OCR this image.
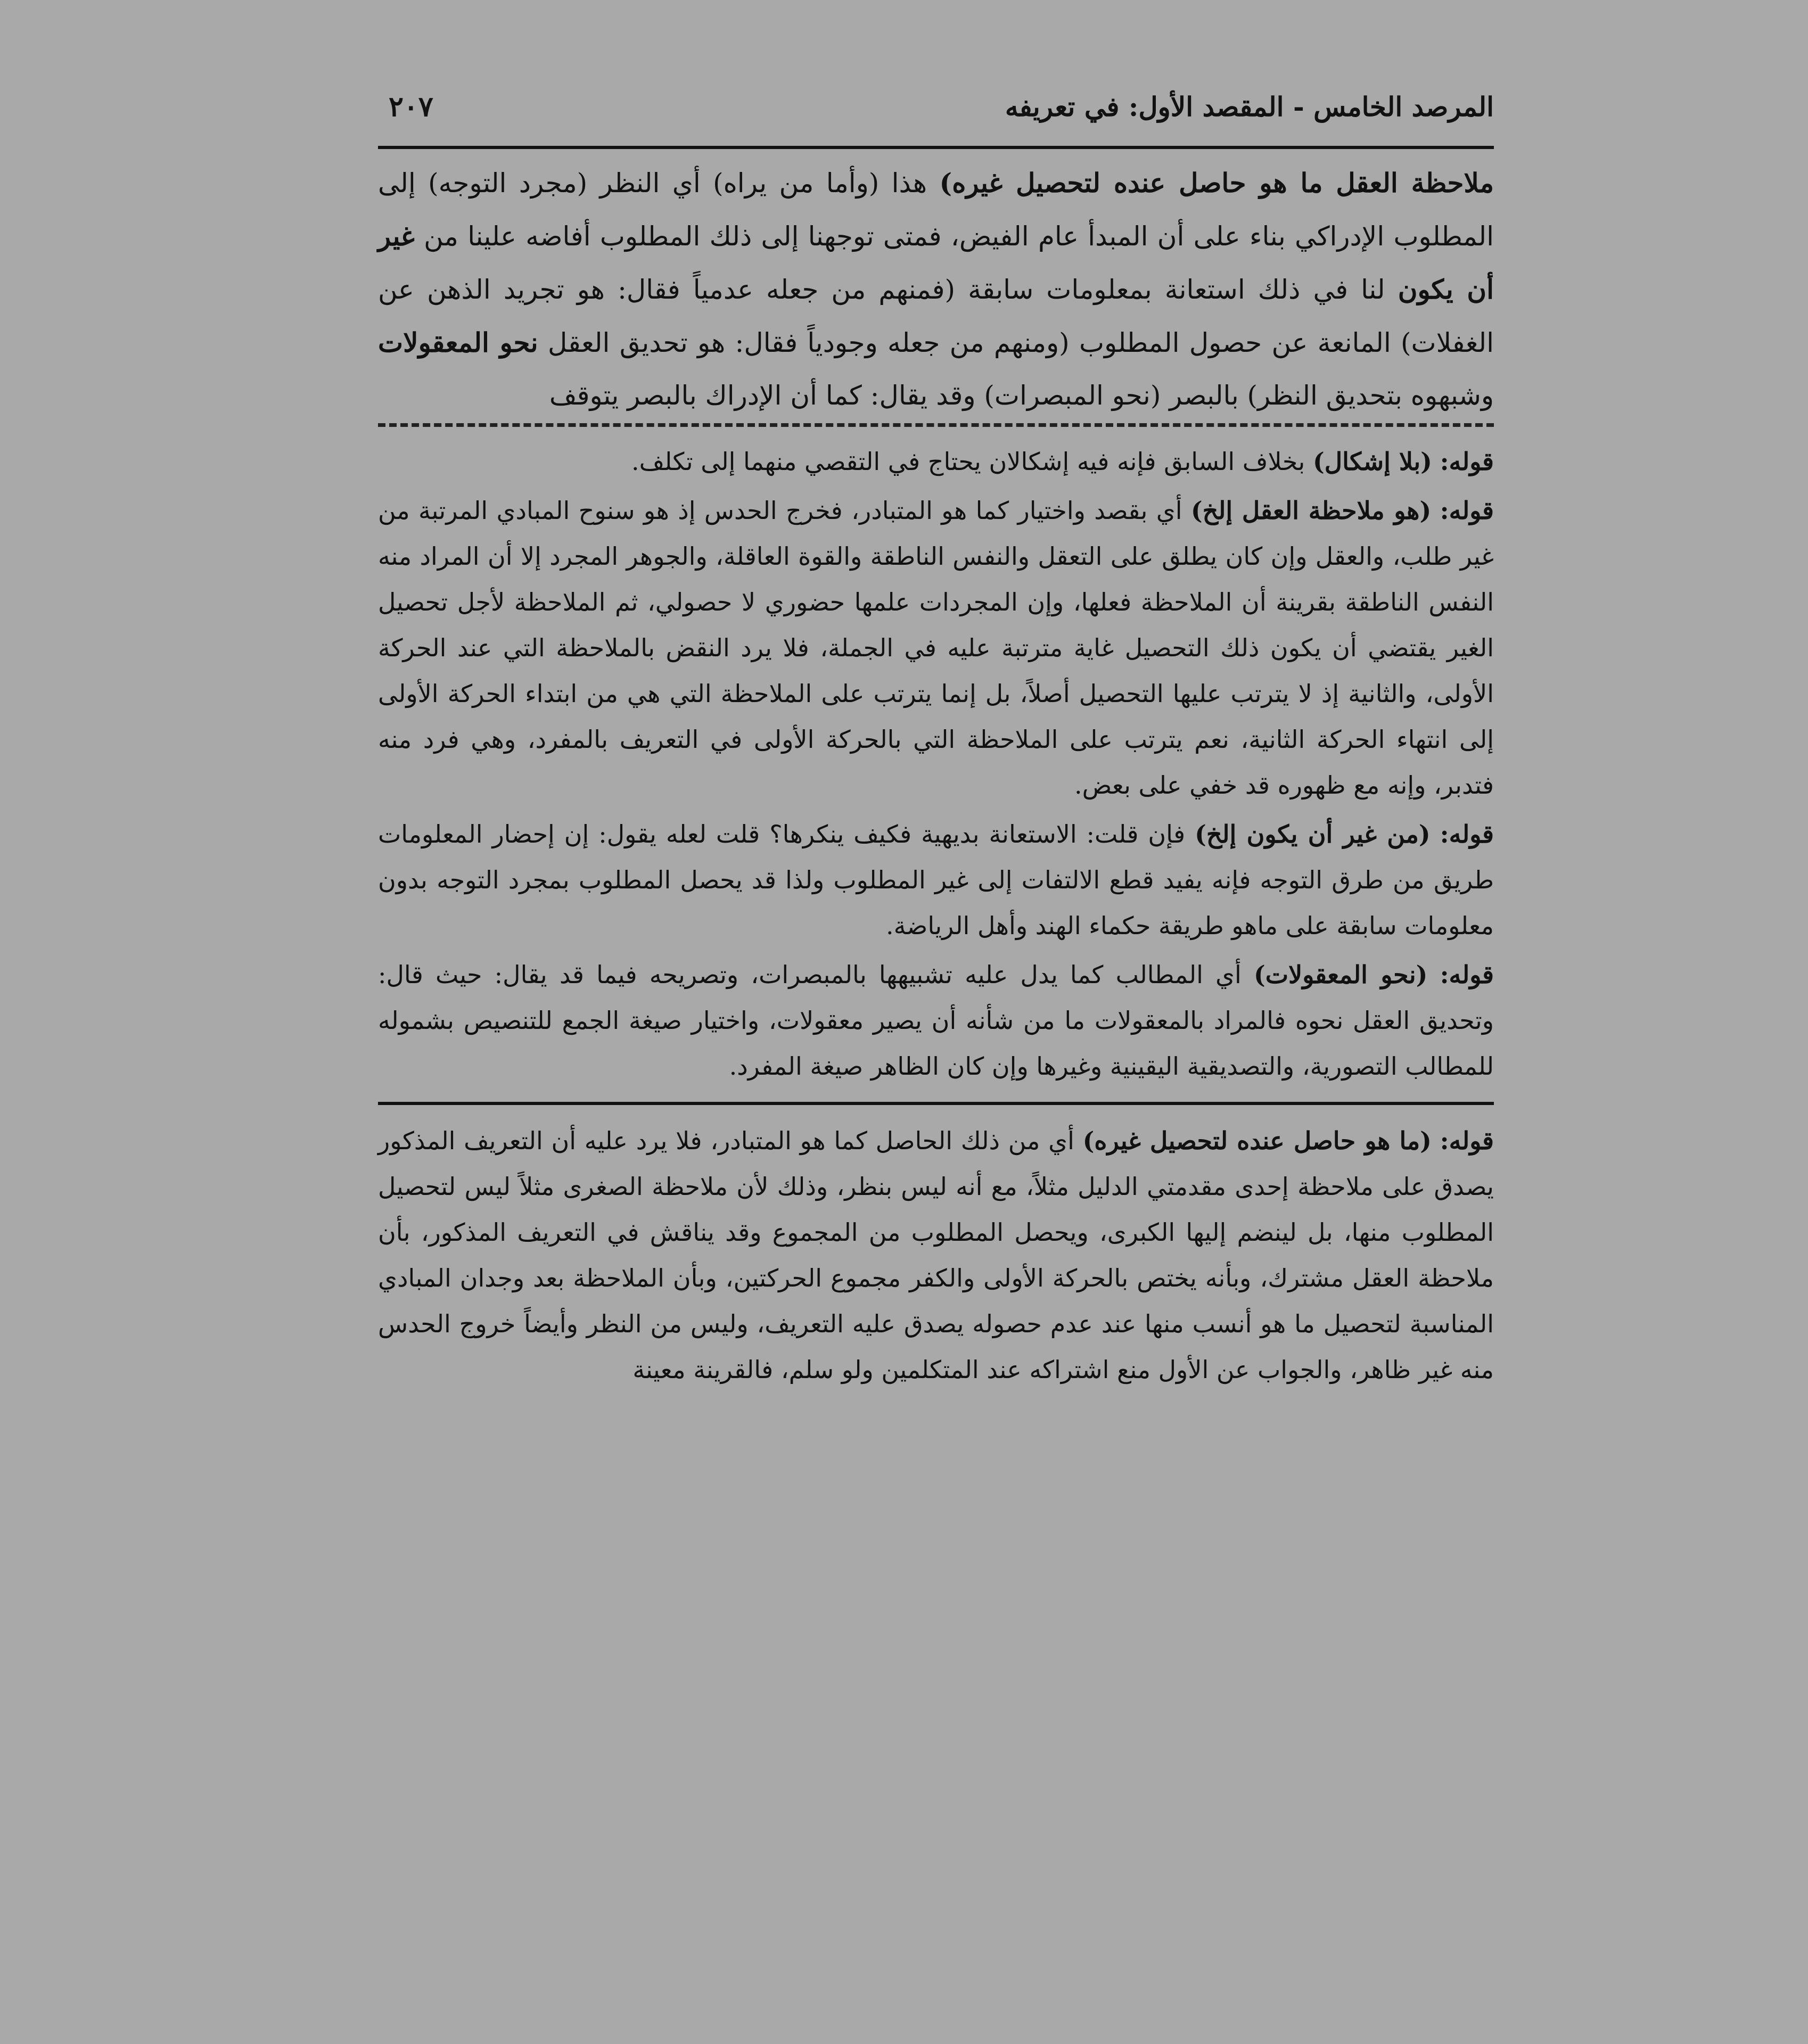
المرصد الخامس - المقصد الأول: في تعريفه
٢٠٧

ملاحظة العقل ما هو حاصل عنده لتحصيل غيره) هذا (وأما من يراه) أي النظر (مجرد التوجه) إلى المطلوب الإدراكي بناء على أن المبدأ عام الفيض، فمتى توجهنا إلى ذلك المطلوب أفاضه علينا من غير أن يكون لنا في ذلك استعانة بمعلومات سابقة (فمنهم من جعله عدمياً فقال: هو تجريد الذهن عن الغفلات) المانعة عن حصول المطلوب (ومنهم من جعله وجودياً فقال: هو تحديق العقل نحو المعقولات وشبهوه بتحديق النظر) بالبصر (نحو المبصرات) وقد يقال: كما أن الإدراك بالبصر يتوقف

قوله: (بلا إشكال) بخلاف السابق فإنه فيه إشكالان يحتاج في التقصي منهما إلى تكلف.

قوله: (هو ملاحظة العقل إلخ) أي بقصد واختيار كما هو المتبادر، فخرج الحدس إذ هو سنوح المبادي المرتبة من غير طلب، والعقل وإن كان يطلق على التعقل والنفس الناطقة والقوة العاقلة، والجوهر المجرد إلا أن المراد منه النفس الناطقة بقرينة أن الملاحظة فعلها، وإن المجردات علمها حضوري لا حصولي، ثم الملاحظة لأجل تحصيل الغير يقتضي أن يكون ذلك التحصيل غاية مترتبة عليه في الجملة، فلا يرد النقض بالملاحظة التي عند الحركة الأولى، والثانية إذ لا يترتب عليها التحصيل أصلاً، بل إنما يترتب على الملاحظة التي هي من ابتداء الحركة الأولى إلى انتهاء الحركة الثانية، نعم يترتب على الملاحظة التي بالحركة الأولى في التعريف بالمفرد، وهي فرد منه فتدبر، وإنه مع ظهوره قد خفي على بعض.

قوله: (من غير أن يكون إلخ) فإن قلت: الاستعانة بديهية فكيف ينكرها؟ قلت لعله يقول: إن إحضار المعلومات طريق من طرق التوجه فإنه يفيد قطع الالتفات إلى غير المطلوب ولذا قد يحصل المطلوب بمجرد التوجه بدون معلومات سابقة على ماهو طريقة حكماء الهند وأهل الرياضة.

قوله: (نحو المعقولات) أي المطالب كما يدل عليه تشبيهها بالمبصرات، وتصريحه فيما قد يقال: حيث قال: وتحديق العقل نحوه فالمراد بالمعقولات ما من شأنه أن يصير معقولات، واختيار صيغة الجمع للتنصيص بشموله للمطالب التصورية، والتصديقية اليقينية وغيرها وإن كان الظاهر صيغة المفرد.

قوله: (ما هو حاصل عنده لتحصيل غيره) أي من ذلك الحاصل كما هو المتبادر، فلا يرد عليه أن التعريف المذكور يصدق على ملاحظة إحدى مقدمتي الدليل مثلاً، مع أنه ليس بنظر، وذلك لأن ملاحظة الصغرى مثلاً ليس لتحصيل المطلوب منها، بل لينضم إليها الكبرى، ويحصل المطلوب من المجموع وقد يناقش في التعريف المذكور، بأن ملاحظة العقل مشترك، وبأنه يختص بالحركة الأولى والكفر مجموع الحركتين، وبأن الملاحظة بعد وجدان المبادي المناسبة لتحصيل ما هو أنسب منها عند عدم حصوله يصدق عليه التعريف، وليس من النظر وأيضاً خروج الحدس منه غير ظاهر، والجواب عن الأول منع اشتراكه عند المتكلمين ولو سلم، فالقرينة معينة
